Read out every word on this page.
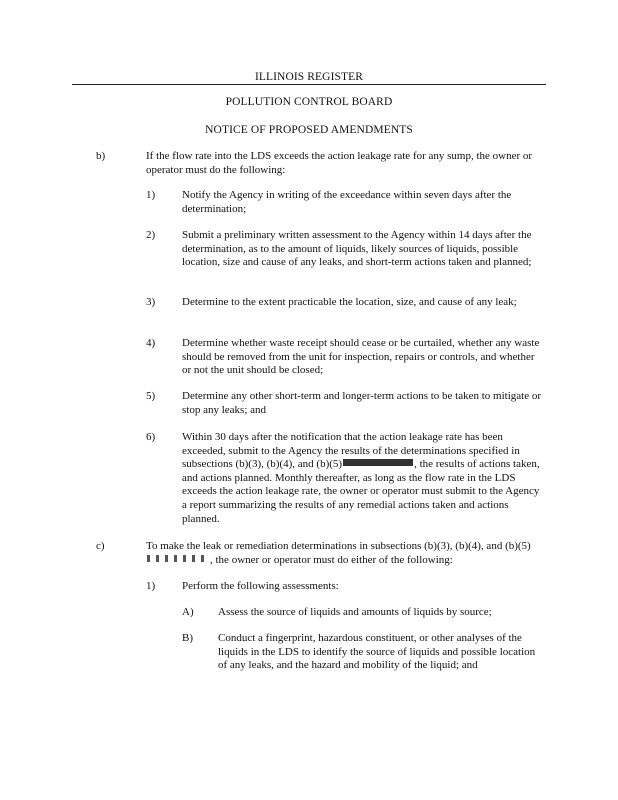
ILLINOIS REGISTER
POLLUTION CONTROL BOARD
NOTICE OF PROPOSED AMENDMENTS
b)	If the flow rate into the LDS exceeds the action leakage rate for any sump, the owner or operator must do the following:
1) Notify the Agency in writing of the exceedance within seven days after the determination;
2) Submit a preliminary written assessment to the Agency within 14 days after the determination, as to the amount of liquids, likely sources of liquids, possible location, size and cause of any leaks, and short-term actions taken and planned;
3) Determine to the extent practicable the location, size, and cause of any leak;
4) Determine whether waste receipt should cease or be curtailed, whether any waste should be removed from the unit for inspection, repairs or controls, and whether or not the unit should be closed;
5) Determine any other short-term and longer-term actions to be taken to mitigate or stop any leaks; and
6) Within 30 days after the notification that the action leakage rate has been exceeded, submit to the Agency the results of the determinations specified in subsections (b)(3), (b)(4), and (b)(5)	, the results of actions taken, and actions planned. Monthly thereafter, as long as the flow rate in the LDS exceeds the action leakage rate, the owner or operator must submit to the Agency a report summarizing the results of any remedial actions taken and actions planned.
c)	To make the leak or remediation determinations in subsections (b)(3), (b)(4), and (b)(5), the owner or operator must do either of the following:
1) Perform the following assessments:
A) Assess the source of liquids and amounts of liquids by source;
B) Conduct a fingerprint, hazardous constituent, or other analyses of the liquids in the LDS to identify the source of liquids and possible location of any leaks, and the hazard and mobility of the liquid; and
